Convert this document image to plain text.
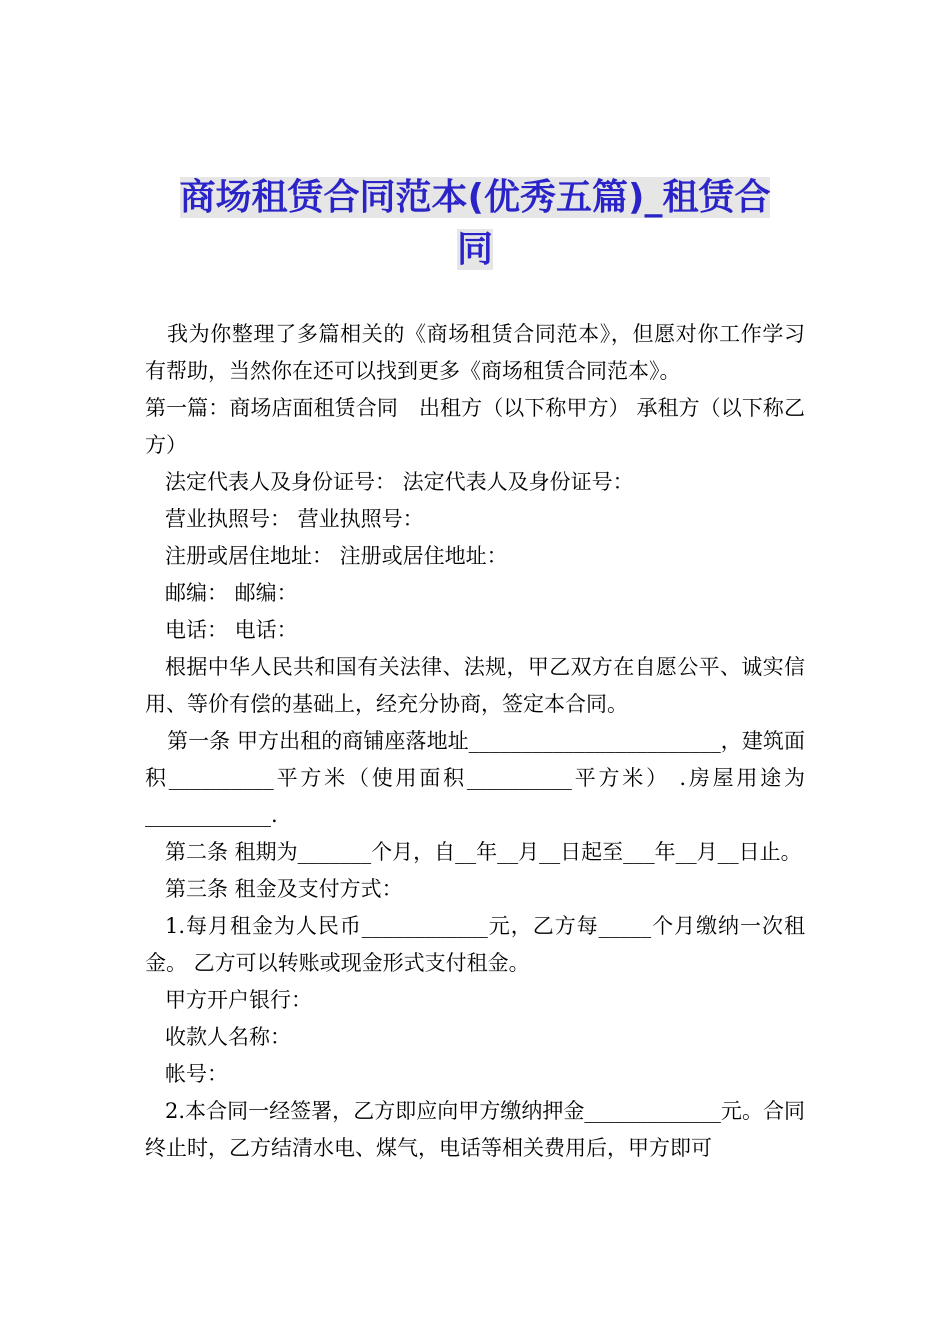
商场租赁合同范本(优秀五篇)_租赁合
同

我为你整理了多篇相关的《商场租赁合同范本》，但愿对你工作学习有帮助，当然你在还可以找到更多《商场租赁合同范本》。

第一篇：商场店面租赁合同　出租方（以下称甲方） 承租方（以下称乙方）

法定代表人及身份证号： 法定代表人及身份证号：

营业执照号： 营业执照号：

注册或居住地址： 注册或居住地址：

邮编： 邮编：

电话： 电话：

根据中华人民共和国有关法律、法规，甲乙双方在自愿公平、诚实信用、等价有偿的基础上，经充分协商，签定本合同。

第一条 甲方出租的商铺座落地址________________________，建筑面积__________平方米（使用面积__________平方米） .房屋用途为____________.

第二条 租期为_______个月，自__年__月__日起至___年__月__日止。

第三条 租金及支付方式：

1.每月租金为人民币____________元，乙方每_____个月缴纳一次租金。 乙方可以转账或现金形式支付租金。

甲方开户银行：

收款人名称：

帐号：

2.本合同一经签署，乙方即应向甲方缴纳押金_____________元。合同终止时，乙方结清水电、煤气，电话等相关费用后，甲方即可
